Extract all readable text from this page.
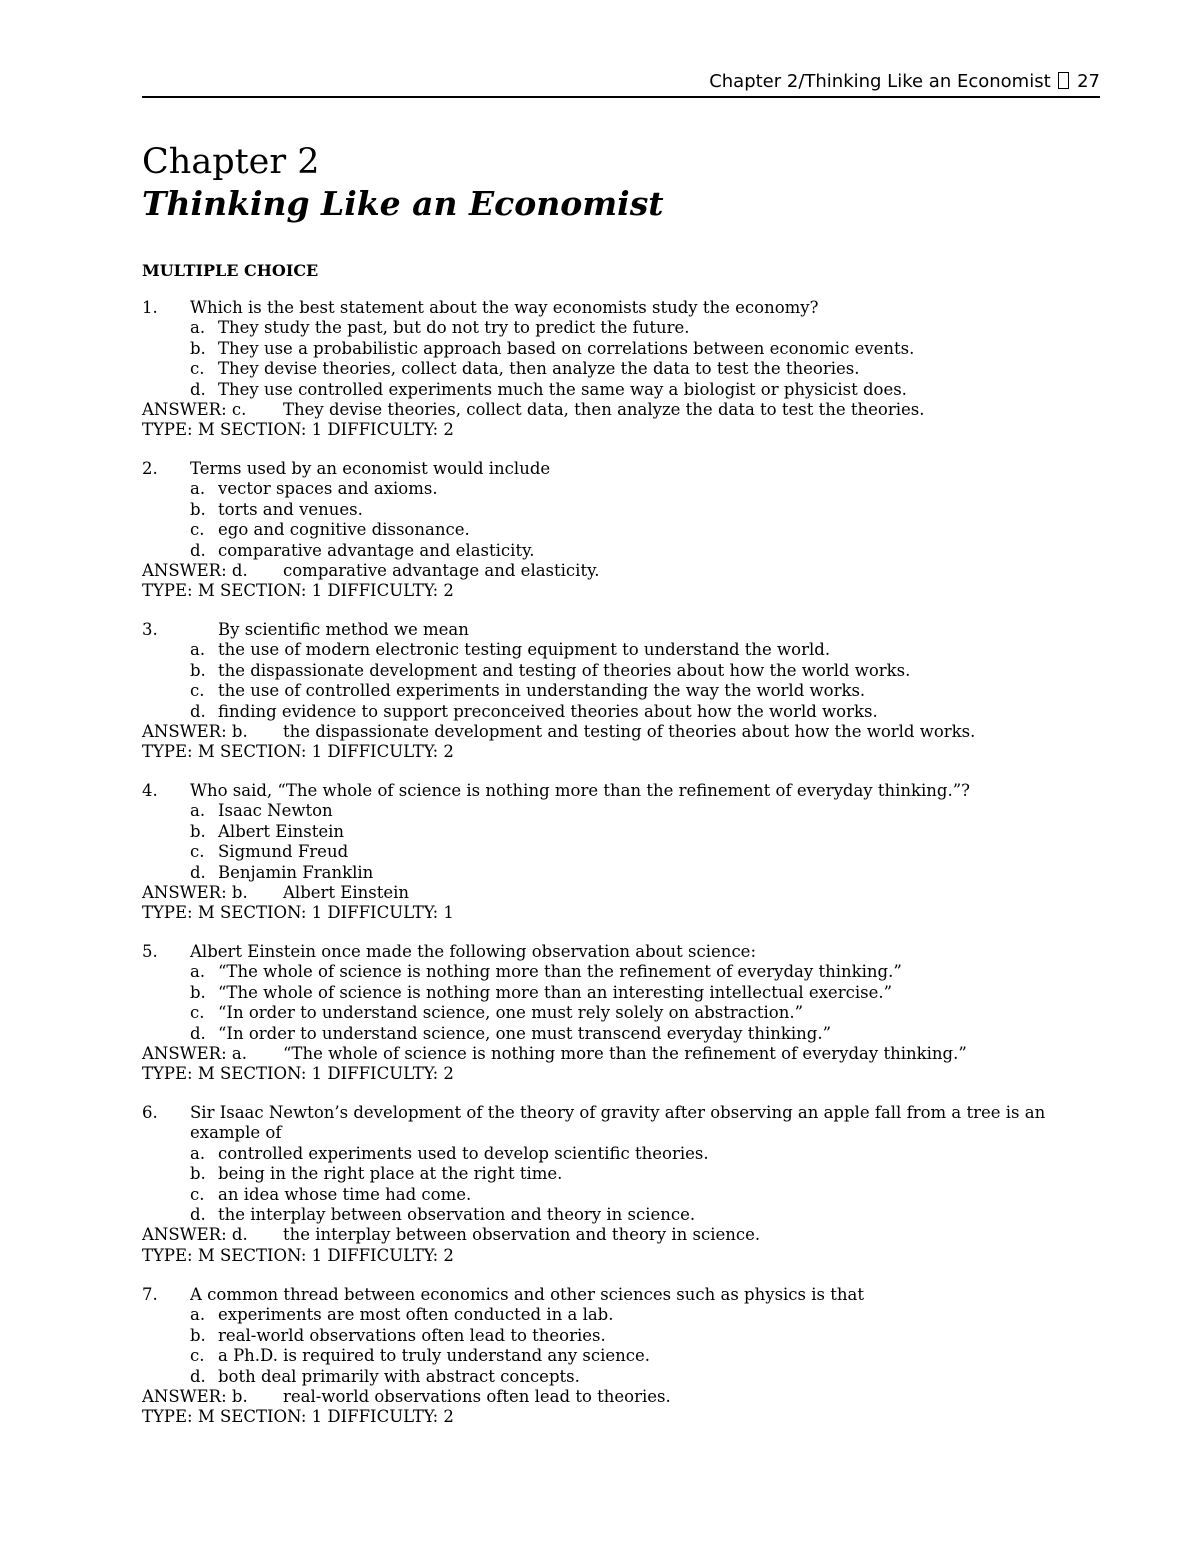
Chapter 2/Thinking Like an Economist 27
Chapter 2
Thinking Like an Economist
MULTIPLE CHOICE
1. Which is the best statement about the way economists study the economy?
a. They study the past, but do not try to predict the future.
b. They use a probabilistic approach based on correlations between economic events.
c. They devise theories, collect data, then analyze the data to test the theories.
d. They use controlled experiments much the same way a biologist or physicist does.
ANSWER: c. They devise theories, collect data, then analyze the data to test the theories.
TYPE: M SECTION: 1 DIFFICULTY: 2
2. Terms used by an economist would include
a. vector spaces and axioms.
b. torts and venues.
c. ego and cognitive dissonance.
d. comparative advantage and elasticity.
ANSWER: d. comparative advantage and elasticity.
TYPE: M SECTION: 1 DIFFICULTY: 2
3.	By scientific method we mean
a. the use of modern electronic testing equipment to understand the world.
b. the dispassionate development and testing of theories about how the world works.
c. the use of controlled experiments in understanding the way the world works.
d. finding evidence to support preconceived theories about how the world works.
ANSWER: b. the dispassionate development and testing of theories about how the world works.
TYPE: M SECTION: 1 DIFFICULTY: 2
4. Who said, “The whole of science is nothing more than the refinement of everyday thinking.”?
a. Isaac Newton
b. Albert Einstein
c. Sigmund Freud
d. Benjamin Franklin
ANSWER: b. Albert Einstein
TYPE: M SECTION: 1 DIFFICULTY: 1
5. Albert Einstein once made the following observation about science:
a. “The whole of science is nothing more than the refinement of everyday thinking.”
b. “The whole of science is nothing more than an interesting intellectual exercise.”
c. “In order to understand science, one must rely solely on abstraction.”
d. “In order to understand science, one must transcend everyday thinking.”
ANSWER: a. “The whole of science is nothing more than the refinement of everyday thinking.”
TYPE: M SECTION: 1 DIFFICULTY: 2
6. Sir Isaac Newton’s development of the theory of gravity after observing an apple fall from a tree is an example of
a. controlled experiments used to develop scientific theories.
b. being in the right place at the right time.
c. an idea whose time had come.
d. the interplay between observation and theory in science.
ANSWER: d. the interplay between observation and theory in science.
TYPE: M SECTION: 1 DIFFICULTY: 2
7. A common thread between economics and other sciences such as physics is that
a. experiments are most often conducted in a lab.
b. real-world observations often lead to theories.
c. a Ph.D. is required to truly understand any science.
d. both deal primarily with abstract concepts.
ANSWER: b. real-world observations often lead to theories.
TYPE: M SECTION: 1 DIFFICULTY: 2
